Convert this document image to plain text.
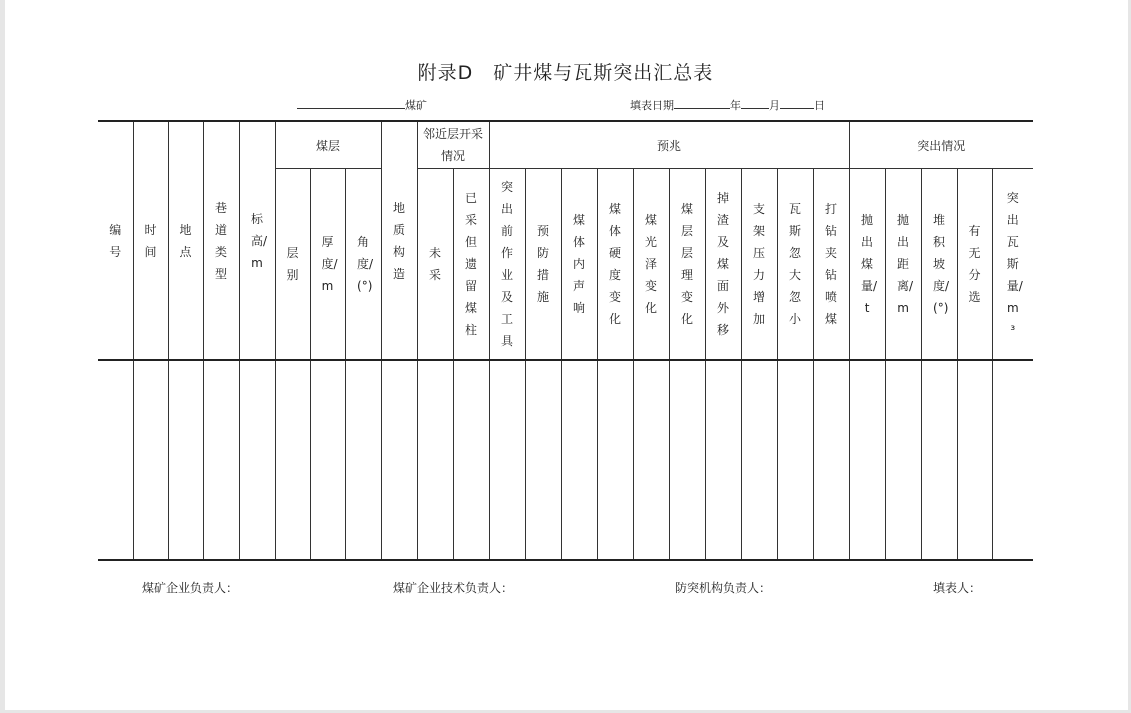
附录D　矿井煤与瓦斯突出汇总表
煤矿	填表日期	年	月	日
编号	时间	地点	巷道类型	标高/m	煤层			地质构造	邻近层开采情况		预兆										突出情况				
					层别	厚度/m	角度/(°)		未采	已采但遗留煤柱	突出前作业及工具	预防措施	煤体内声响	煤体硬度变化	煤光泽变化	煤层层理变化	掉渣及煤面外移	支架压力增加	瓦斯忽大忽小	打钻夹钻喷煤	抛出煤量/t	抛出距离/m	堆积坡度/(°)	有无分选	突出瓦斯量/m³

煤矿企业负责人：	煤矿企业技术负责人：	防突机构负责人：	填表人：
